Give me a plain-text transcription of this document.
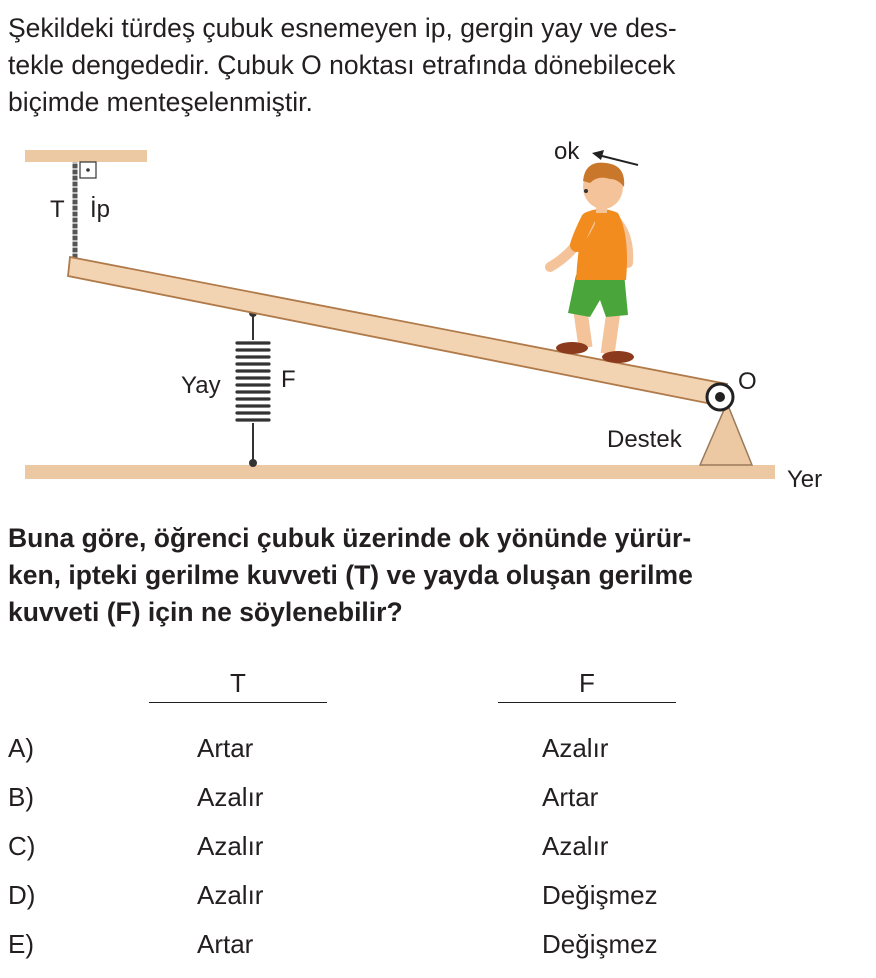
Şekildeki türdeş çubuk esnemeyen ip, gergin yay ve des-
tekle dengededir. Çubuk O noktası etrafında dönebilecek
biçimde menteşelenmiştir.

ok
T İp
Yay	F	O
Destek
Yer

Buna göre, öğrenci çubuk üzerinde ok yönünde yürür-
ken, ipteki gerilme kuvveti (T) ve yayda oluşan gerilme
kuvveti (F) için ne söylenebilir?

T	F
A)	Artar	Azalır
B)	Azalır	Artar
C)	Azalır	Azalır
D)	Azalır	Değişmez
E)	Artar	Değişmez
